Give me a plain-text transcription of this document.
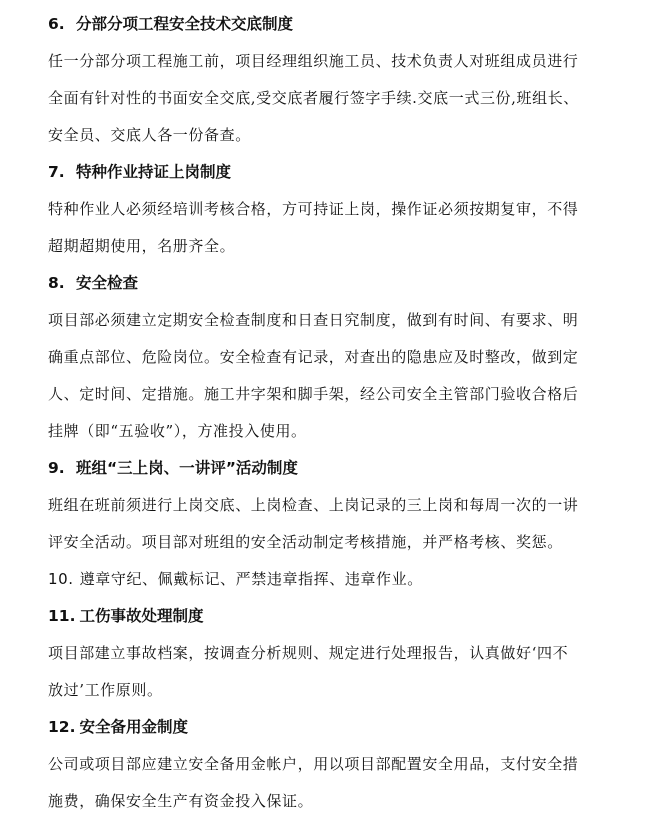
6. 分部分项工程安全技术交底制度
任一分部分项工程施工前，项目经理组织施工员、技术负责人对班组成员进行
全面有针对性的书面安全交底,受交底者履行签字手续.交底一式三份,班组长、
安全员、交底人各一份备查。
7. 特种作业持证上岗制度
特种作业人必须经培训考核合格，方可持证上岗，操作证必须按期复审，不得
超期超期使用，名册齐全。
8. 安全检查
项目部必须建立定期安全检查制度和日查日究制度，做到有时间、有要求、明
确重点部位、危险岗位。安全检查有记录，对查出的隐患应及时整改，做到定
人、定时间、定措施。施工井字架和脚手架，经公司安全主管部门验收合格后
挂牌（即“五验收”），方准投入使用。
9. 班组“三上岗、一讲评”活动制度
班组在班前须进行上岗交底、上岗检查、上岗记录的三上岗和每周一次的一讲
评安全活动。项目部对班组的安全活动制定考核措施，并严格考核、奖惩。

10. 遵章守纪、佩戴标记、严禁违章指挥、违章作业。

11. 工伤事故处理制度
项目部建立事故档案，按调查分析规则、规定进行处理报告，认真做好‘四不
放过’工作原则。
12. 安全备用金制度
公司或项目部应建立安全备用金帐户，用以项目部配置安全用品，支付安全措
施费，确保安全生产有资金投入保证。
